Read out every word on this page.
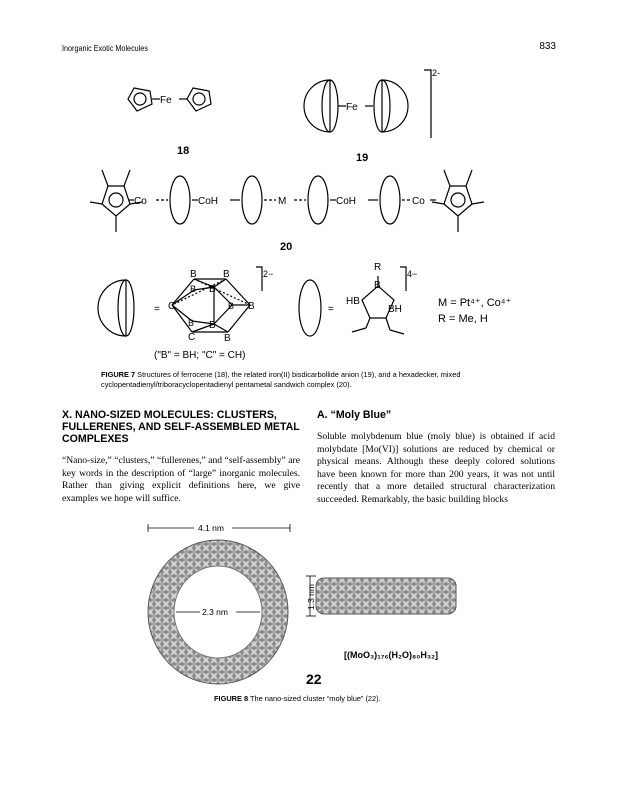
Inorganic Exotic Molecules	833
Fe
Fe
2-
18
19
Co	CoH	M	CoH	Co
20
=
B	B
B B
C	B B
B B
C	B
2−
("B" = BH; "C" = CH)
=
R
HB
B
BH
4−
M = Pt⁴⁺, Co⁴⁺
R = Me, H
FIGURE 7 Structures of ferrocene (18), the related iron(II) bisdicarbollide anion (19), and a hexadecker, mixed cyclopentadienyl/triboracyclopentadienyl pentametal sandwich complex (20).
X. NANO-SIZED MOLECULES: CLUSTERS, FULLERENES, AND SELF-ASSEMBLED METAL COMPLEXES
“Nano-size,” “clusters,” “fullerenes,” and “self-assembly” are key words in the description of “large” inorganic molecules. Rather than giving explicit definitions here, we give examples we hope will suffice.
A. “Moly Blue”
Soluble molybdenum blue (moly blue) is obtained if acid molybdate [Mo(VI)] solutions are reduced by chemical or physical means. Although these deeply colored solutions have been known for more than 200 years, it was not until recently that a more detailed structural characterization succeeded. Remarkably, the basic building blocks
4.1 nm
2.3 nm
1.3 nm
[(MoO₃)₁₇₆(H₂O)₈₀H₃₂]
22
FIGURE 8 The nano-sized cluster “moly blue” (22).
